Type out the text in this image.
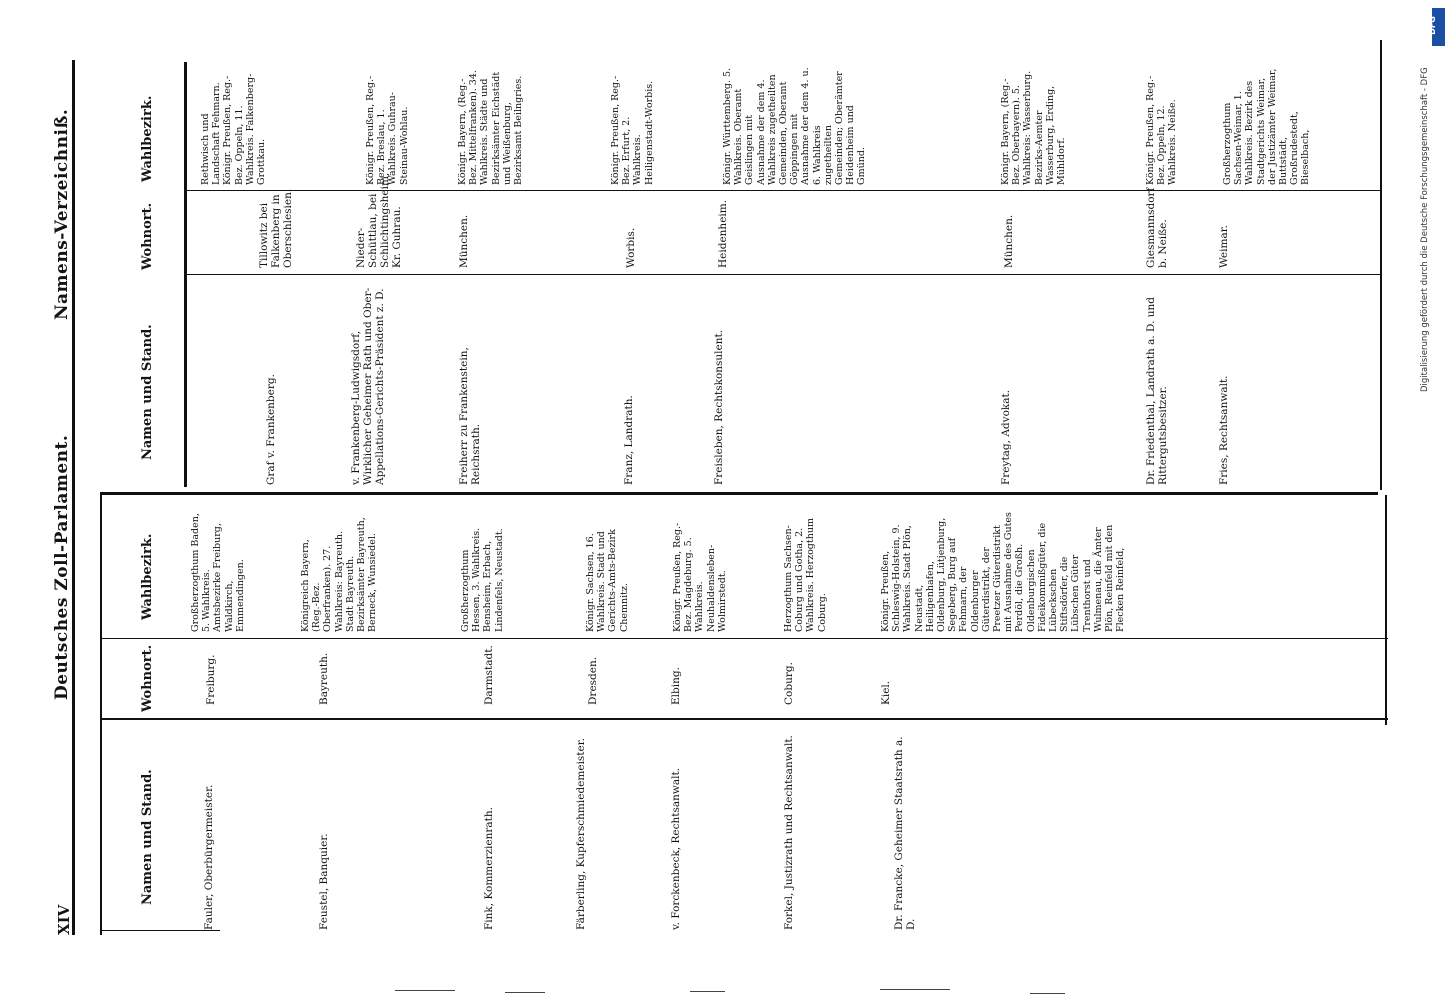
XIV
Deutsches Zoll-Parlament.
Namens-Verzeichniß.
Namen und Stand.
Wohnort.
Wahlbezirk.
Namen und Stand.
Wohnort.
Wahlbezirk.
Fauler, Oberbürgermeister.
Freiburg.
Großherzogthum Baden, 5. Wahlkreis. Amtsbezirke Freiburg, Waldkirch, Emmendingen.
Feustel, Banquier.
Bayreuth.
Königreich Bayern, (Reg.-Bez. Oberfranken). 27. Wahlkreis: Bayreuth. Stadt Bayreuth. Bezirksämter Bayreuth, Berneck, Wunsiedel.
Fink, Kommerzienrath.
Darmstadt.
Großherzogthum Hessen, 3. Wahlkreis. Bensheim, Erbach, Lindenfels, Neustadt.
Färberling, Kupferschmiedemeister.
Dresden.
Königr. Sachsen, 16. Wahlkreis. Stadt und Gerichts-Amts-Bezirk Chemnitz.
v. Forckenbeck, Rechtsanwalt.
Elbing.
Königr. Preußen, Reg.-Bez. Magdeburg. 5. Wahlkreis. Neuhaldensleben-Wolmirstedt.
Forkel, Justizrath und Rechtsanwalt.
Coburg.
Herzogthum Sachsen-Coburg und Gotha, 2. Wahlkreis. Herzogthum Coburg.
Dr. Francke, Geheimer Staatsrath a. D.
Kiel.
Königr. Preußen, Schleswig-Holstein, 9. Wahlkreis. Stadt Plön, Neustadt, Heiligenhafen, Oldenburg, Lütjenburg, Segeberg, Burg auf Fehmarn, der Oldenburger Güterdistrikt, der Preetzer Güterdistrikt mit Ausnahme des Gutes Perdöl, die Großh. Oldenburgischen Fideikommißgüter, die Lübeckschen Stiftsdörfer, die Lübschen Güter Trenthorst und Wulmenau, die Ämter Plön, Reinfeld mit den Flecken Reinfeld,
Graf v. Frankenberg.
Tillowitz bei Falkenberg in Oberschlesien.
Rethwisch und Landschaft Fehmarn. Königr. Preußen, Reg.-Bez. Oppeln, 11. Wahlkreis. Falkenberg-Grottkau.
v. Frankenberg-Ludwigsdorf, Wirklicher Geheimer Rath und Ober-Appellations-Gerichts-Präsident z. D.
Nieder-Schüttlau, bei Schlichtingsheim, Kr. Guhrau.
Königr. Preußen, Reg.-Bez. Breslau, 1. Wahlkreis. Guhrau-Steinau-Wohlau.
Freiherr zu Frankenstein, Reichsrath.
München.
Königr. Bayern, (Reg.-Bez. Mittelfranken). 34. Wahlkreis. Städte und Bezirksämter Eichstädt und Weißenburg, Bezirksamt Beilngries.
Franz, Landrath.
Worbis.
Königr. Preußen, Reg.-Bez. Erfurt, 2. Wahlkreis. Heiligenstadt-Worbis.
Freisleben, Rechtskonsulent.
Heidenheim.
Königr. Württemberg. 5. Wahlkreis. Oberamt Geislingen mit Ausnahme der dem 4. Wahlkreis zugetheilten Gemeinden, Oberamt Göppingen mit Ausnahme der dem 4. u. 6. Wahlkreis zugetheilten Gemeinden; Oberämter Heidenheim und Gmünd.
Freytag, Advokat.
München.
Königr. Bayern, (Reg.-Bez. Oberbayern). 5. Wahlkreis: Wasserburg. Bezirks-Aemter Wasserburg, Erding, Mühldorf.
Dr. Friedenthal, Landrath a. D. und Rittergutsbesitzer.
Giesmannsdorf b. Neiße.
Königr. Preußen, Reg.-Bez. Oppeln, 12. Wahlkreis. Neiße.
Fries, Rechtsanwalt.
Weimar.
Großherzogthum Sachsen-Weimar, 1. Wahlkreis. Bezirk des Stadtgerichts Weimar, der Justizämter Weimar, Buttstädt, Großrudestedt, Bieselbach,	Digitalisierung gefördert durch die Deutsche Forschungsgemeinschaft - DFG
DFG
